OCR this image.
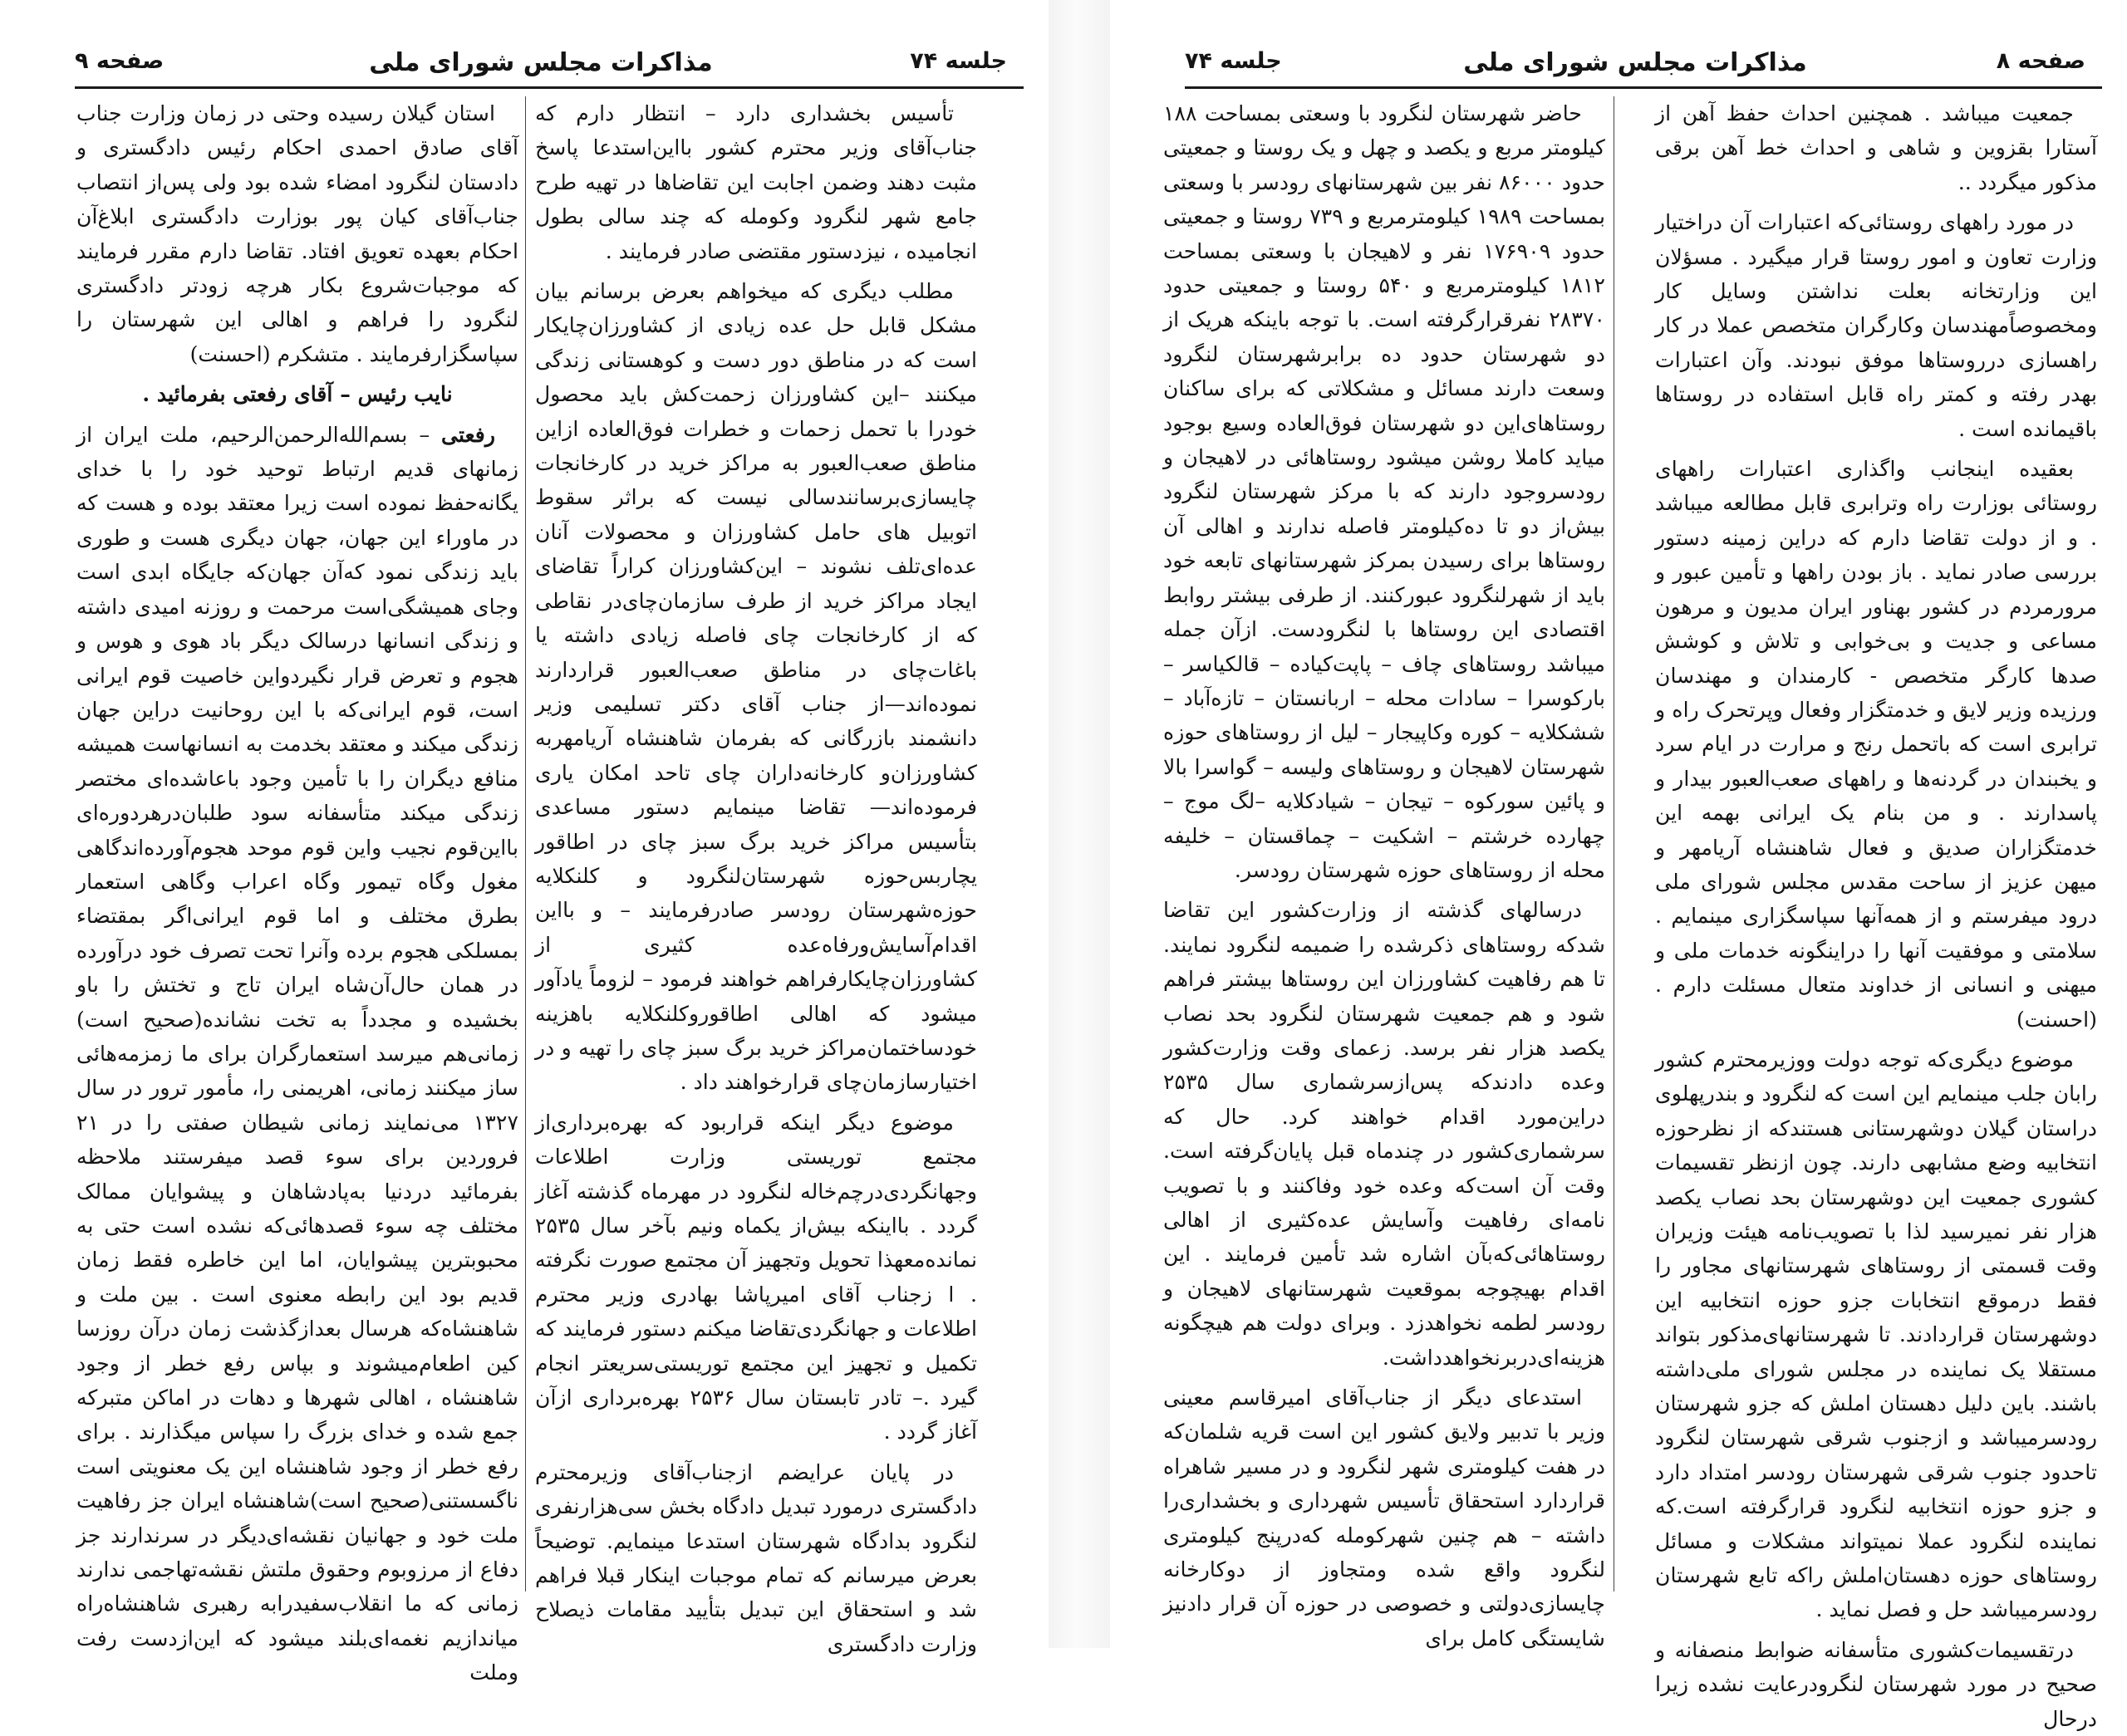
جلسه ۷۴
مذاکرات مجلس شورای ملی
صفحه ۹

تأسیس بخشداری دارد – انتظار دارم که جناب‌آقای وزیر محترم کشور بااین‌استدعا پاسخ مثبت دهند وضمن اجابت این تقاضاها در تهیه طرح جامع شهر لنگرود وکومله که چند سالی بطول انجامیده ، نیزدستور مقتضی صادر فرمایند .

مطلب دیگری که میخواهم بعرض برسانم بیان مشکل قابل حل عده زیادی از کشاورزان‌چایکار است که در مناطق دور دست و کوهستانی زندگی میکنند –این کشاورزان زحمت‌کش باید محصول خودرا با تحمل زحمات و خطرات فوق‌العاده ازاین مناطق صعب‌العبور به مراکز خرید در کارخانجات چایسازی‌برسانندسالی نیست که براثر سقوط اتوبیل های حامل کشاورزان و محصولات آنان عده‌ای‌تلف نشوند – این‌کشاورزان کراراً تقاضای ایجاد مراکز خرید از طرف سازمان‌چای‌در نقاطی که از کارخانجات چای فاصله زیادی داشته یا باغات‌چای در مناطق صعب‌العبور قراردارند نموده‌اند—از جناب آقای دکتر تسلیمی وزیر دانشمند بازرگانی که بفرمان شاهنشاه آریامهربه کشاورزان‌و کارخانه‌داران چای تاحد امکان یاری فرموده‌اند— تقاضا مینمایم دستور مساعدی بتأسیس مراکز خرید برگ سبز چای در اطاقور یچاربس‌حوزه شهرستان‌لنگرود و کلنکلایه حوزه‌شهرستان رودسر صادرفرمایند – و بااین اقدام‌آسایش‌ورفاه‌عده کثیری از کشاورزان‌چایکارفراهم خواهند فرمود – لزوماً یادآور میشود که اهالی اطاقوروکلنکلایه باهزینه خودساختمان‌مراکز خرید برگ سبز چای را تهیه و در اختیارسازمان‌چای قرارخواهند داد .

موضوع دیگر اینکه قراربود که بهره‌برداری‌از مجتمع توریستی وزارت اطلاعات وجهانگردی‌درچم‌خاله لنگرود در مهرماه گذشته آغاز گردد . بااینکه بیش‌از یکماه ونیم بآخر سال ۲۵۳۵ نمانده‌معهذا تحویل وتجهیز آن مجتمع صورت نگرفته . ا زجناب آقای امیرپاشا بهادری وزیر محترم اطلاعات و جهانگردی‌تقاضا میکنم دستور فرمایند که تکمیل و تجهیز این مجتمع توریستی‌سریعتر انجام گیرد .– تادر تابستان سال ۲۵۳۶ بهره‌برداری ازآن آغاز گردد .

در پایان عرایضم ازجناب‌آقای وزیرمحترم دادگستری درمورد تبدیل دادگاه بخش سی‌هزارنفری لنگرود بدادگاه شهرستان استدعا مینمایم. توضیحاً بعرض میرسانم که تمام موجبات اینکار قبلا فراهم شد و استحقاق این تبدیل بتأیید مقامات ذیصلاح وزارت دادگستری

استان گیلان رسیده وحتی در زمان وزارت جناب آقای صادق احمدی احکام رئیس دادگستری و دادستان لنگرود امضاء شده بود ولی پس‌از انتصاب جناب‌آقای کیان پور بوزارت دادگستری ابلاغ‌آن احکام بعهده تعویق افتاد. تقاضا دارم مقرر فرمایند که موجبات‌شروع بکار هرچه زودتر دادگستری لنگرود را فراهم و اهالی این شهرستان را سپاسگزارفرمایند . متشکرم (احسنت)

نایب رئیس – آقای رفعتی بفرمائید .

رفعتی – بسم‌الله‌الرحمن‌الرحیم، ملت ایران از زمانهای قدیم ارتباط توحید خود را با خدای یگانه‌حفظ نموده است زیرا معتقد بوده و هست که در ماوراء این جهان، جهان دیگری هست و طوری باید زندگی نمود که‌آن جهان‌که جایگاه ابدی است وجای همیشگی‌است مرحمت و روزنه امیدی داشته و زندگی انسانها درسالک دیگر باد هوی و هوس و هجوم و تعرض قرار نگیردواین خاصیت قوم ایرانی است، قوم ایرانی‌که با این روحانیت دراین جهان زندگی میکند و معتقد بخدمت به انسانهاست همیشه منافع دیگران را با تأمین وجود باعاشده‌ای مختصر زندگی میکند متأسفانه سود طلبان‌درهردوره‌ای بااین‌قوم نجیب واین قوم موحد هجوم‌آورده‌اندگاهی مغول وگاه تیمور وگاه اعراب وگاهی استعمار بطرق مختلف و اما قوم ایرانی‌اگر بمقتضاء بمسلکی هجوم برده وآنرا تحت تصرف خود درآورده در همان حال‌آن‌شاه ایران تاج و تختش را باو بخشیده و مجدداً به تخت نشانده(صحیح است) زمانی‌هم میرسد استعمارگران برای ما زمزمه‌هائی ساز میکنند زمانی، اهریمنی را، مأمور ترور در سال ۱۳۲۷ می‌نمایند زمانی شیطان صفتی را در ۲۱ فروردین برای سوء قصد میفرستند ملاحظه بفرمائید دردنیا به‌پادشاهان و پیشوایان ممالک مختلف چه سوء قصدهائی‌که نشده است حتی به محبوبترین پیشوایان، اما این خاطره فقط زمان قدیم بود این رابطه معنوی است . بین ملت و شاهنشاه‌که هرسال بعدازگذشت زمان درآن روزسا کین اطعام‌میشوند و بپاس رفع خطر از وجود شاهنشاه ، اهالی شهرها و دهات در اماکن متبرکه جمع شده و خدای بزرگ را سپاس میگذارند . برای رفع خطر از وجود شاهنشاه این یک معنویتی است ناگسستنی(صحیح است)شاهنشاه ایران جز رفاهیت ملت خود و جهانیان نقشه‌ای‌دیگر در سرندارند جز دفاع از مرزوبوم وحقوق ملتش نقشه‌تهاجمی ندارند زمانی که ما انقلاب‌سفیدرابه رهبری شاهنشاه‌راه میاندازیم نغمه‌ای‌بلند میشود که این‌ازدست رفت وملت

صفحه ۸
مذاکرات مجلس شورای ملی
جلسه ۷۴

جمعیت میباشد . همچنین احداث حفظ آهن از آستارا بقزوین و شاهی و احداث خط آهن برقی مذکور میگردد ..

در مورد راههای روستائی‌که اعتبارات آن دراختیار وزارت تعاون و امور روستا قرار میگیرد . مسؤلان این وزارتخانه بعلت نداشتن وسایل کار ومخصوصاًمهندسان وکارگران متخصص عملا در کار راهسازی درروستاها موفق نبودند. وآن اعتبارات بهدر رفته و کمتر راه قابل استفاده در روستاها باقیمانده است .

بعقیده اینجانب واگذاری اعتبارات راههای روستائی بوزارت راه وترابری قابل مطالعه میباشد . و از دولت تقاضا دارم که دراین زمینه دستور بررسی صادر نماید . باز بودن راهها و تأمین عبور و مرورمردم در کشور بهناور ایران مدیون و مرهون مساعی و جدیت و بی‌خوابی و تلاش و کوشش صدها کارگر متخصص - کارمندان و مهندسان ورزیده وزیر لایق و خدمتگزار وفعال وپرتحرک راه و ترابری است که باتحمل رنج و مرارت در ایام سرد و یخبندان در گردنه‌ها و راههای صعب‌العبور بیدار و پاسدارند . و من بنام یک ایرانی بهمه این خدمتگزاران صدیق و فعال شاهنشاه آریامهر و میهن عزیز از ساحت مقدس مجلس شورای ملی درود میفرستم و از همه‌آنها سپاسگزاری مینمایم . سلامتی و موفقیت آنها را دراینگونه خدمات ملی و میهنی و انسانی از خداوند متعال مسئلت دارم . (احسنت)

موضوع دیگری‌که توجه دولت ووزیرمحترم کشور رابان جلب مینمایم این است که لنگرود و بندرپهلوی دراستان گیلان دوشهرستانی هستندکه از نظرحوزه انتخابیه وضع مشابهی دارند. چون ازنظر تقسیمات کشوری جمعیت این دوشهرستان بحد نصاب یکصد هزار نفر نمیرسید لذا با تصویب‌نامه هیئت وزیران وقت قسمتی از روستاهای شهرستانهای مجاور را فقط درموقع انتخابات جزو حوزه انتخابیه این دوشهرستان قراردادند. تا شهرستانهای‌مذکور بتواند مستقلا یک نماینده در مجلس شورای ملی‌داشته باشند. باین دلیل دهستان املش که جزو شهرستان رودسرمیباشد و ازجنوب شرقی شهرستان لنگرود تاحدود جنوب شرقی شهرستان رودسر امتداد دارد و جزو حوزه انتخابیه لنگرود قرارگرفته است.که نماینده لنگرود عملا نمیتواند مشکلات و مسائل روستاهای حوزه دهستان‌املش راکه تابع شهرستان رودسرمیباشد حل و فصل نماید .

درتقسیمات‌کشوری متأسفانه ضوابط منصفانه و صحیح در مورد شهرستان لنگرودرعایت نشده زیرا درحال

حاضر شهرستان لنگرود با وسعتی بمساحت ۱۸۸ کیلومتر مربع و یکصد و چهل و یک روستا و جمعیتی حدود ۸۶۰۰۰ نفر بین شهرستانهای رودسر با وسعتی بمساحت ۱۹۸۹ کیلومترمربع و ۷۳۹ روستا و جمعیتی حدود ۱۷۶۹۰۹ نفر و لاهیجان با وسعتی بمساحت ۱۸۱۲ کیلومترمربع و ۵۴۰ روستا و جمعیتی حدود ۲۸۳۷۰ نفرقرارگرفته است. با توجه باینکه هریک از دو شهرستان حدود ده برابرشهرستان لنگرود وسعت دارند مسائل و مشکلاتی که برای ساکنان روستاهای‌این دو شهرستان فوق‌العاده وسیع بوجود میاید کاملا روشن میشود روستاهائی در لاهیجان و رودسروجود دارند که با مرکز شهرستان لنگرود بیش‌از دو تا ده‌کیلومتر فاصله ندارند و اهالی آن روستاها برای رسیدن بمرکز شهرستانهای تابعه خود باید از شهرلنگرود عبورکنند. از طرفی بیشتر روابط اقتصادی این روستاها با لنگرودست. ازآن جمله میباشد روستاهای چاف – پاپت‌کیاده – قالکیاسر – بارکوسرا – سادات محله – اربانستان – تازه‌آباد – ششکلایه – کوره وکاپیجار – لیل از روستاهای حوزه شهرستان لاهیجان و روستاهای ولیسه – گواسرا بالا و پائین سورکوه – تیجان – شیادکلایه –لگ موج – چهارده‌ خرشتم – اشکیت – چماقستان – خلیفه محله از روستاهای حوزه شهرستان رودسر.

درسالهای گذشته از وزارت‌کشور این تقاضا شدکه روستاهای ذکرشده را ضمیمه لنگرود نمایند. تا هم رفاهیت کشاورزان این روستاها بیشتر فراهم شود و هم جمعیت شهرستان لنگرود بحد نصاب یکصد هزار نفر برسد. زعمای وقت وزارت‌کشور وعده دادندکه پس‌ازسرشماری سال ۲۵۳۵ دراین‌مورد اقدام خواهند کرد. حال که سرشماری‌کشور در چندماه قبل پایان‌گرفته است. وقت آن است‌که وعده خود وفاکنند و با تصویب نامه‌ای رفاهیت وآسایش عده‌کثیری از اهالی روستاهائی‌که‌بآن اشاره شد تأمین فرمایند . این اقدام بهیچوجه بموقعیت شهرستانهای لاهیجان و رودسر لطمه نخواهدزد . وبرای دولت هم هیچگونه هزینه‌ای‌دربرنخواهدداشت.

استدعای دیگر از جناب‌آقای امیرقاسم معینی وزیر با تدبیر ولایق کشور این است قریه شلمان‌که در هفت کیلومتری شهر لنگرود و در مسیر شاهراه قراردارد استحقاق تأسیس شهرداری و بخشداری‌را داشته – هم چنین شهرکومله که‌درپنج کیلومتری لنگرود واقع شده ومتجاوز از دوکارخانه چایسازی‌دولتی و خصوصی در حوزه آن قرار دادنیز شایستگی کامل برای
